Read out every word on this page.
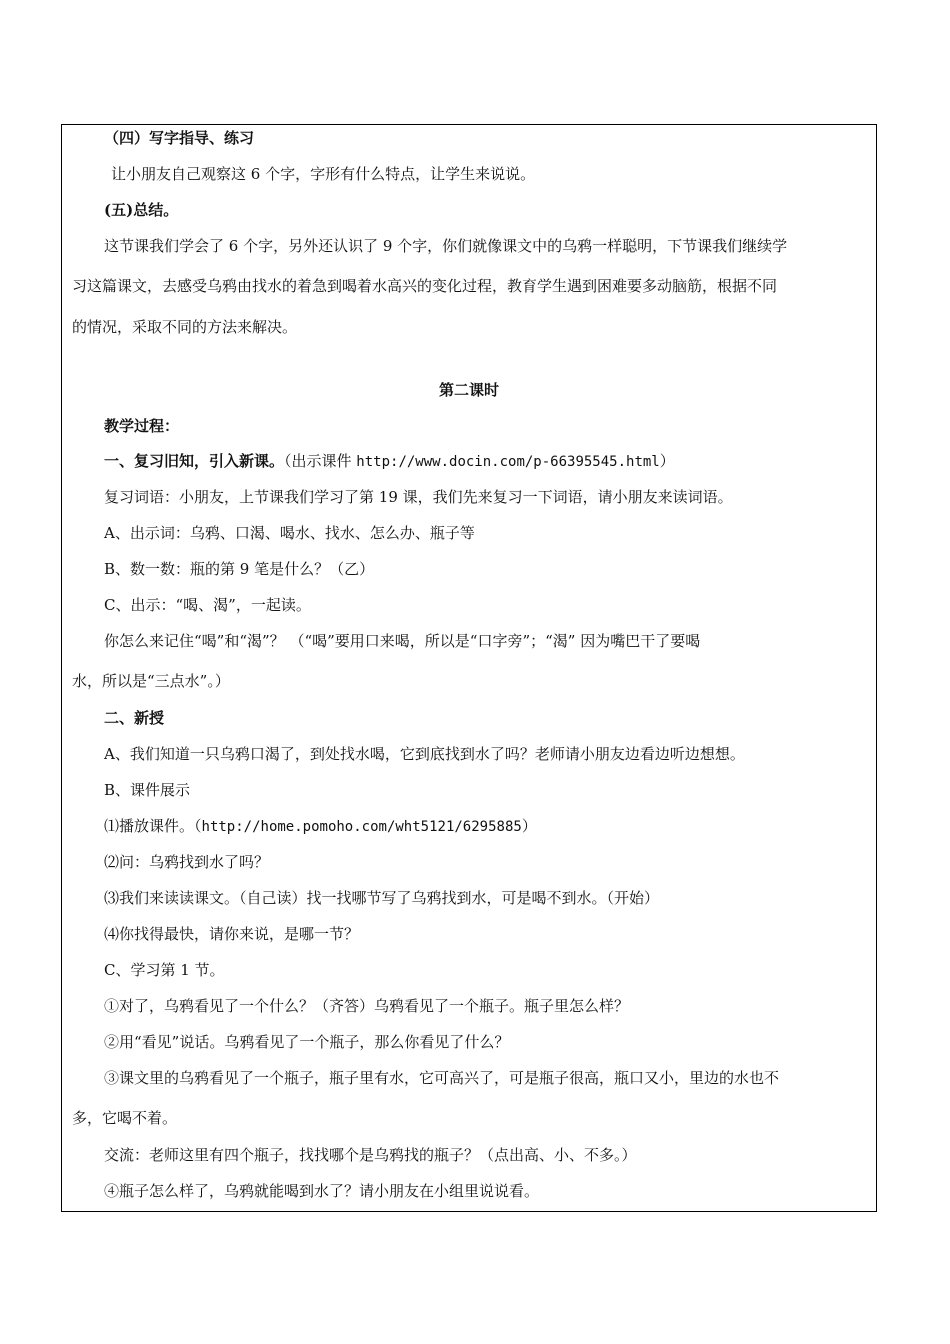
（四）写字指导、练习
让小朋友自己观察这 6 个字，字形有什么特点，让学生来说说。
(五)总结。
这节课我们学会了 6 个字，另外还认识了 9 个字，你们就像课文中的乌鸦一样聪明，下节课我们继续学
习这篇课文，去感受乌鸦由找水的着急到喝着水高兴的变化过程，教育学生遇到困难要多动脑筋，根据不同
的情况，采取不同的方法来解决。
第二课时
教学过程：
一、复习旧知，引入新课。（出示课件 http://www.docin.com/p-66395545.html）
复习词语：小朋友，上节课我们学习了第 19 课，我们先来复习一下词语，请小朋友来读词语。
A、出示词：乌鸦、口渴、喝水、找水、怎么办、瓶子等
B、数一数：瓶的第 9 笔是什么？（乙）
C、出示：“喝、渴”，一起读。
你怎么来记住“喝”和“渴”？ （“喝”要用口来喝，所以是“口字旁”；“渴” 因为嘴巴干了要喝
水，所以是“三点水”。）
二、新授
A、我们知道一只乌鸦口渴了，到处找水喝，它到底找到水了吗？老师请小朋友边看边听边想想。
B、课件展示
⑴播放课件。（http://home.pomoho.com/wht5121/6295885）
⑵问：乌鸦找到水了吗？
⑶我们来读读课文。（自己读）找一找哪节写了乌鸦找到水，可是喝不到水。（开始）
⑷你找得最快，请你来说，是哪一节？
C、学习第 1 节。
①对了，乌鸦看见了一个什么？（齐答）乌鸦看见了一个瓶子。瓶子里怎么样？
②用“看见”说话。乌鸦看见了一个瓶子，那么你看见了什么？
③课文里的乌鸦看见了一个瓶子，瓶子里有水，它可高兴了，可是瓶子很高，瓶口又小，里边的水也不
多，它喝不着。
交流：老师这里有四个瓶子，找找哪个是乌鸦找的瓶子？（点出高、小、不多。）
④瓶子怎么样了，乌鸦就能喝到水了？请小朋友在小组里说说看。
